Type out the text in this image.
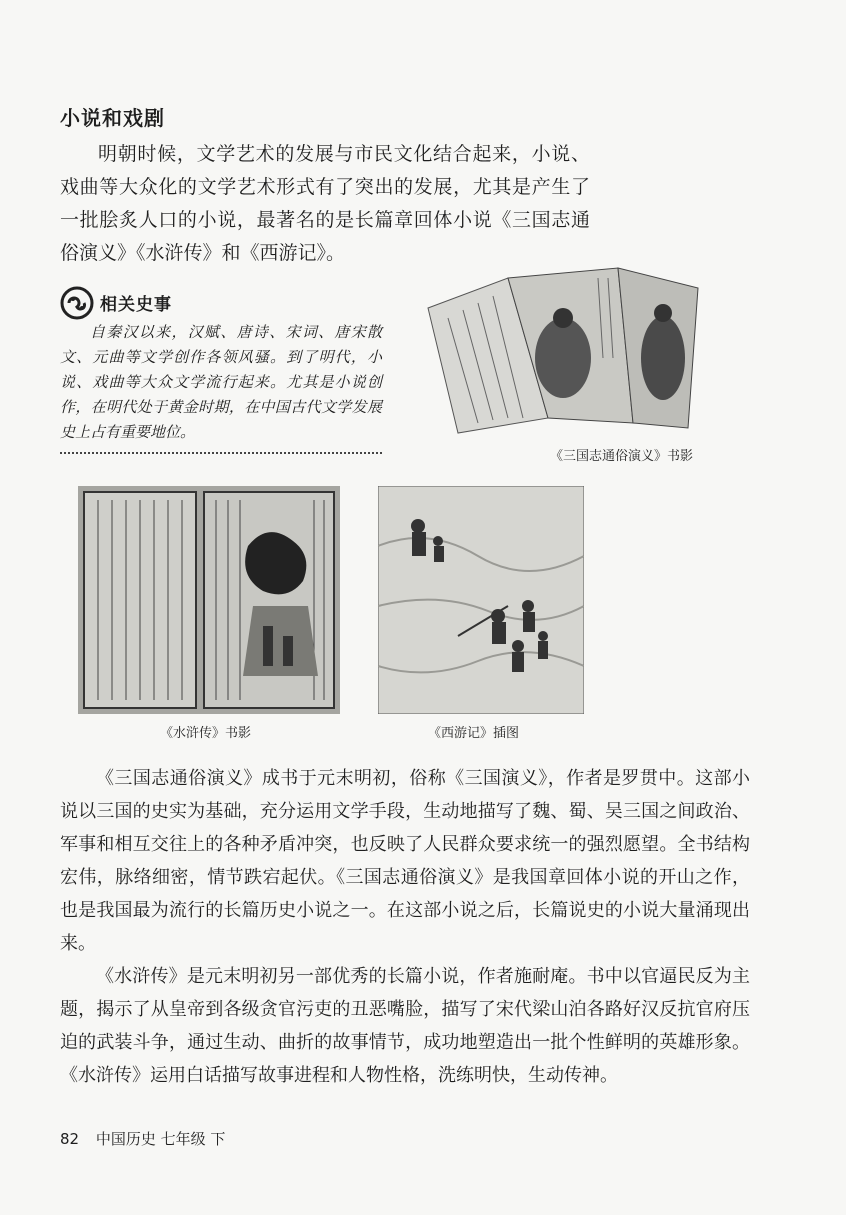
小说和戏剧
明朝时候，文学艺术的发展与市民文化结合起来，小说、戏曲等大众化的文学艺术形式有了突出的发展，尤其是产生了一批脍炙人口的小说，最著名的是长篇章回体小说《三国志通俗演义》《水浒传》和《西游记》。
相关史事
自秦汉以来，汉赋、唐诗、宋词、唐宋散文、元曲等文学创作各领风骚。到了明代，小说、戏曲等大众文学流行起来。尤其是小说创作，在明代处于黄金时期，在中国古代文学发展史上占有重要地位。
《三国志通俗演义》书影
《水浒传》书影	《西游记》插图

《三国志通俗演义》成书于元末明初，俗称《三国演义》，作者是罗贯中。这部小说以三国的史实为基础，充分运用文学手段，生动地描写了魏、蜀、吴三国之间政治、军事和相互交往上的各种矛盾冲突，也反映了人民群众要求统一的强烈愿望。全书结构宏伟，脉络细密，情节跌宕起伏。《三国志通俗演义》是我国章回体小说的开山之作，也是我国最为流行的长篇历史小说之一。在这部小说之后，长篇说史的小说大量涌现出来。

《水浒传》是元末明初另一部优秀的长篇小说，作者施耐庵。书中以官逼民反为主题，揭示了从皇帝到各级贪官污吏的丑恶嘴脸，描写了宋代梁山泊各路好汉反抗官府压迫的武装斗争，通过生动、曲折的故事情节，成功地塑造出一批个性鲜明的英雄形象。《水浒传》运用白话描写故事进程和人物性格，洗练明快，生动传神。

82 中国历史 七年级 下
